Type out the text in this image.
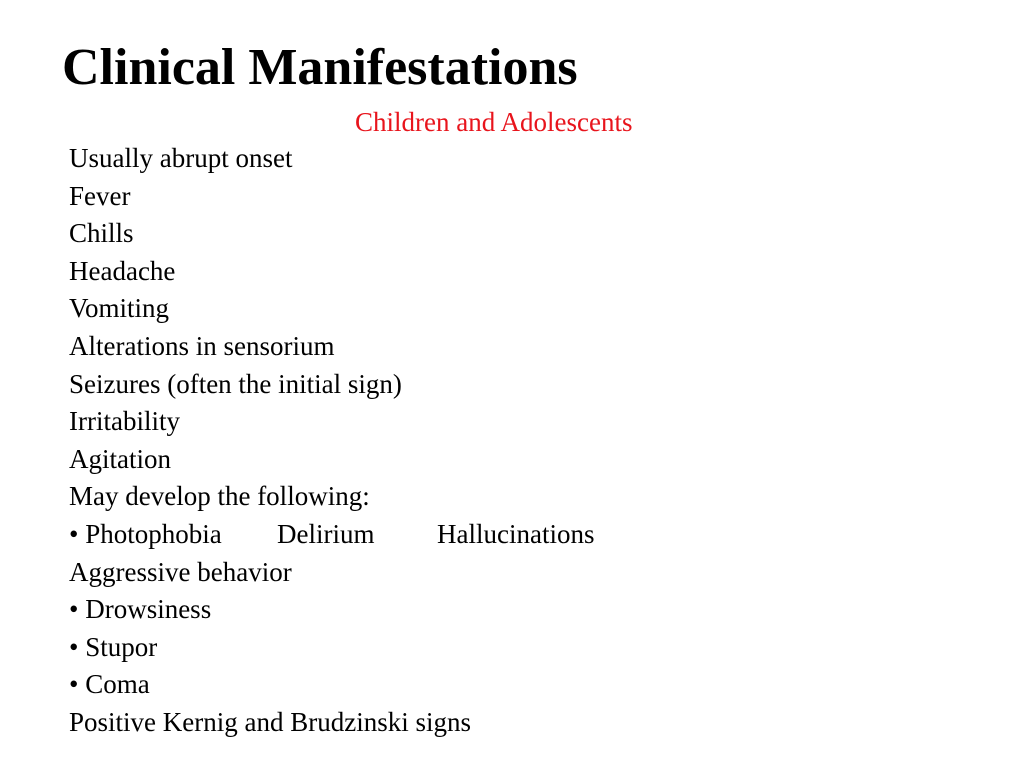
Clinical Manifestations
Children and Adolescents
Usually abrupt onset
Fever
Chills
Headache
Vomiting
Alterations in sensorium
Seizures (often the initial sign)
Irritability
Agitation
May develop the following:
• Photophobia Delirium Hallucinations
Aggressive behavior
• Drowsiness
• Stupor
• Coma
Positive Kernig and Brudzinski signs
